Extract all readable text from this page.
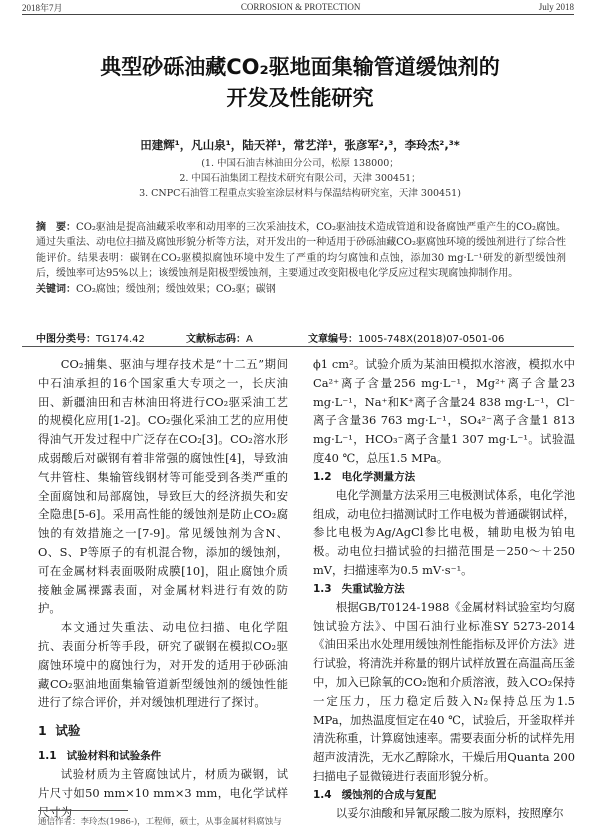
2018年7月	CORROSION & PROTECTION	July 2018
典型砂砾油藏CO₂驱地面集输管道缓蚀剂的
开发及性能研究
田建辉¹，凡山泉¹，陆天祥¹，常艺洋¹，张彦军²,³，李玲杰²,³*
(1. 中国石油吉林油田分公司，松原 138000；
2. 中国石油集团工程技术研究有限公司，天津 300451；
3. CNPC石油管工程重点实验室涂层材料与保温结构研究室，天津 300451)
摘　要：CO₂驱油是提高油藏采收率和动用率的三次采油技术，CO₂驱油技术造成管道和设备腐蚀严重产生的CO₂腐蚀。通过失重法、动电位扫描及腐蚀形貌分析等方法，对开发出的一种适用于砂砾油藏CO₂驱腐蚀环境的缓蚀剂进行了综合性能评价。结果表明：碳钢在CO₂驱模拟腐蚀环境中发生了严重的均匀腐蚀和点蚀，添加30 mg·L⁻¹研发的新型缓蚀剂后，缓蚀率可达95%以上；该缓蚀剂是阳极型缓蚀剂，主要通过改变阳极电化学反应过程实现腐蚀抑制作用。
关键词：CO₂腐蚀；缓蚀剂；缓蚀效果；CO₂驱；碳钢
中图分类号：TG174.42	文献标志码：A	文章编号：1005-748X(2018)07-0501-06

CO₂捕集、驱油与埋存技术是“十二五”期间中石油承担的16个国家重大专项之一，长庆油田、新疆油田和吉林油田将进行CO₂驱采油工艺的规模化应用[1-2]。CO₂强化采油工艺的应用使得油气开发过程中广泛存在CO₂[3]。CO₂溶水形成弱酸后对碳钢有着非常强的腐蚀性[4]，导致油气井管柱、集输管线钢材等可能受到各类严重的全面腐蚀和局部腐蚀，导致巨大的经济损失和安全隐患[5-6]。采用高性能的缓蚀剂是防止CO₂腐蚀的有效措施之一[7-9]。常见缓蚀剂为含N、O、S、P等原子的有机混合物，添加的缓蚀剂，可在金属材料表面吸附成膜[10]，阻止腐蚀介质接触金属裸露表面，对金属材料进行有效的防护。

本文通过失重法、动电位扫描、电化学阻抗、表面分析等手段，研究了碳钢在模拟CO₂驱腐蚀环境中的腐蚀行为，对开发的适用于砂砾油藏CO₂驱油地面集输管道新型缓蚀剂的缓蚀性能进行了综合评价，并对缓蚀机理进行了探讨。

1 试验
1.1 试验材料和试验条件

试验材质为主管腐蚀试片，材质为碳钢，试片尺寸如50 mm×10 mm×3 mm，电化学试样尺寸为

ϕ1 cm²。试验介质为某油田模拟水溶液，模拟水中Ca²⁺离子含量256 mg·L⁻¹，Mg²⁺离子含量23 mg·L⁻¹，Na⁺和K⁺离子含量24 838 mg·L⁻¹，Cl⁻离子含量36 763 mg·L⁻¹，SO₄²⁻离子含量1 813 mg·L⁻¹，HCO₃⁻离子含量1 307 mg·L⁻¹。试验温度40 ℃，总压1.5 MPa。

1.2 电化学测量方法

电化学测量方法采用三电极测试体系，电化学池组成，动电位扫描测试时工作电极为普通碳钢试样，参比电极为Ag/AgCl参比电极，辅助电极为铂电极。动电位扫描试验的扫描范围是－250～＋250 mV，扫描速率为0.5 mV·s⁻¹。

1.3 失重试验方法

根据GB/T0124-1988《金属材料试验室均匀腐蚀试验方法》、中国石油行业标准SY 5273-2014《油田采出水处理用缓蚀剂性能指标及评价方法》进行试验，将清洗并称量的钢片试样放置在高温高压釜中，加入已除氧的CO₂饱和介质溶液，鼓入CO₂保持一定压力，压力稳定后鼓入N₂保持总压为1.5 MPa，加热温度恒定在40 ℃，试验后，开釜取样并清洗称重，计算腐蚀速率。需要表面分析的试样先用超声波清洗，无水乙醇除水，干燥后用Quanta 200扫描电子显微镜进行表面形貌分析。

1.4 缓蚀剂的合成与复配

以妥尔油酸和异氰尿酸二胺为原料，按照摩尔

通信作者：李玲杰(1986-)，工程师，硕士，从事金属材料腐蚀与
